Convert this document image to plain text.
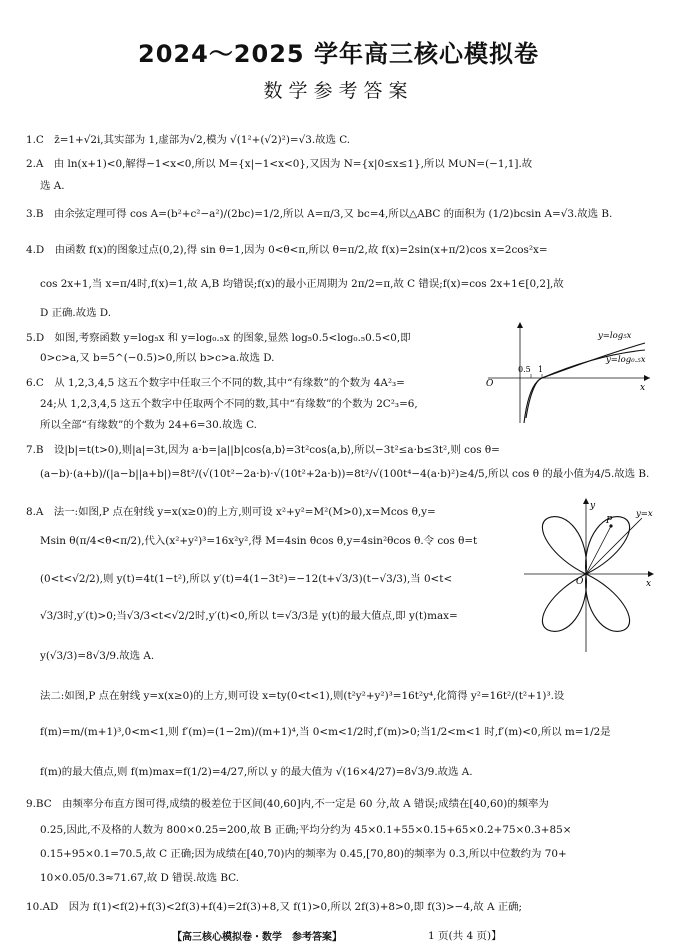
2024～2025 学年高三核心模拟卷
数学参考答案
1.C　z̄=1+√2i,其实部为 1,虚部为√2,模为 √(1²+(√2)²)=√3.故选 C.
2.A　由 ln(x+1)<0,解得−1<x<0,所以 M={x|−1<x<0},又因为 N={x|0≤x≤1},所以 M∪N=(−1,1].故
选 A.
3.B　由余弦定理可得 cos A=(b²+c²−a²)/(2bc)=1/2,所以 A=π/3,又 bc=4,所以△ABC 的面积为 (1/2)bcsin A=√3.故选 B.
4.D　由函数 f(x)的图象过点(0,2),得 sin θ=1,因为 0<θ<π,所以 θ=π/2,故 f(x)=2sin(x+π/2)cos x=2cos²x=
cos 2x+1,当 x=π/4时,f(x)=1,故 A,B 均错误;f(x)的最小正周期为 2π/2=π,故 C 错误;f(x)=cos 2x+1∈[0,2],故
D 正确.故选 D.
5.D　如图,考察函数 y=log₅x 和 y=log₀.₅x 的图象,显然 log₅0.5<log₀.₅0.5<0,即
0>c>a,又 b=5^(−0.5)>0,所以 b>c>a.故选 D.
6.C　从 1,2,3,4,5 这五个数字中任取三个不同的数,其中“有缘数”的个数为 4A²₃=
24;从 1,2,3,4,5 这五个数字中任取两个不同的数,其中“有缘数”的个数为 2C²₃=6,
所以全部“有缘数”的个数为 24+6=30.故选 C.
7.B　设|b|=t(t>0),则|a|=3t,因为 a·b=|a||b|cos⟨a,b⟩=3t²cos⟨a,b⟩,所以−3t²≤a·b≤3t²,则 cos θ=
(a−b)·(a+b)/(|a−b||a+b|)=8t²/(√(10t²−2a·b)·√(10t²+2a·b))=8t²/√(100t⁴−4(a·b)²)≥4/5,所以 cos θ 的最小值为4/5.故选 B.
8.A　法一:如图,P 点在射线 y=x(x≥0)的上方,则可设 x²+y²=M²(M>0),x=Mcos θ,y=
Msin θ(π/4<θ<π/2),代入(x²+y²)³=16x²y²,得 M=4sin θcos θ,y=4sin²θcos θ.令 cos θ=t
(0<t<√2/2),则 y(t)=4t(1−t²),所以 y′(t)=4(1−3t²)=−12(t+√3/3)(t−√3/3),当 0<t<
√3/3时,y′(t)>0;当√3/3<t<√2/2时,y′(t)<0,所以 t=√3/3是 y(t)的最大值点,即 y(t)max=
y(√3/3)=8√3/9.故选 A.
法二:如图,P 点在射线 y=x(x≥0)的上方,则可设 x=ty(0<t<1),则(t²y²+y²)³=16t²y⁴,化简得 y²=16t²/(t²+1)³.设
f(m)=m/(m+1)³,0<m<1,则 f′(m)=(1−2m)/(m+1)⁴,当 0<m<1/2时,f′(m)>0;当1/2<m<1 时,f′(m)<0,所以 m=1/2是
f(m)的最大值点,则 f(m)max=f(1/2)=4/27,所以 y 的最大值为 √(16×4/27)=8√3/9.故选 A.
9.BC　由频率分布直方图可得,成绩的极差位于区间(40,60]内,不一定是 60 分,故 A 错误;成绩在[40,60)的频率为
0.25,因此,不及格的人数为 800×0.25=200,故 B 正确;平均分约为 45×0.1+55×0.15+65×0.2+75×0.3+85×
0.15+95×0.1=70.5,故 C 正确;因为成绩在[40,70)内的频率为 0.45,[70,80)的频率为 0.3,所以中位数约为 70+
10×0.05/0.3≈71.67,故 D 错误.故选 BC.
10.AD　因为 f(1)<f(2)+f(3)<2f(3)+f(4)=2f(3)+8,又 f(1)>0,所以 2f(3)+8>0,即 f(3)>−4,故 A 正确;
y=log₅x
y=log₀.₅x
O
0.5 1
x
y
y=x
P
O	x
【高三核心模拟卷・数学　参考答案】	1 页(共 4 页)】
